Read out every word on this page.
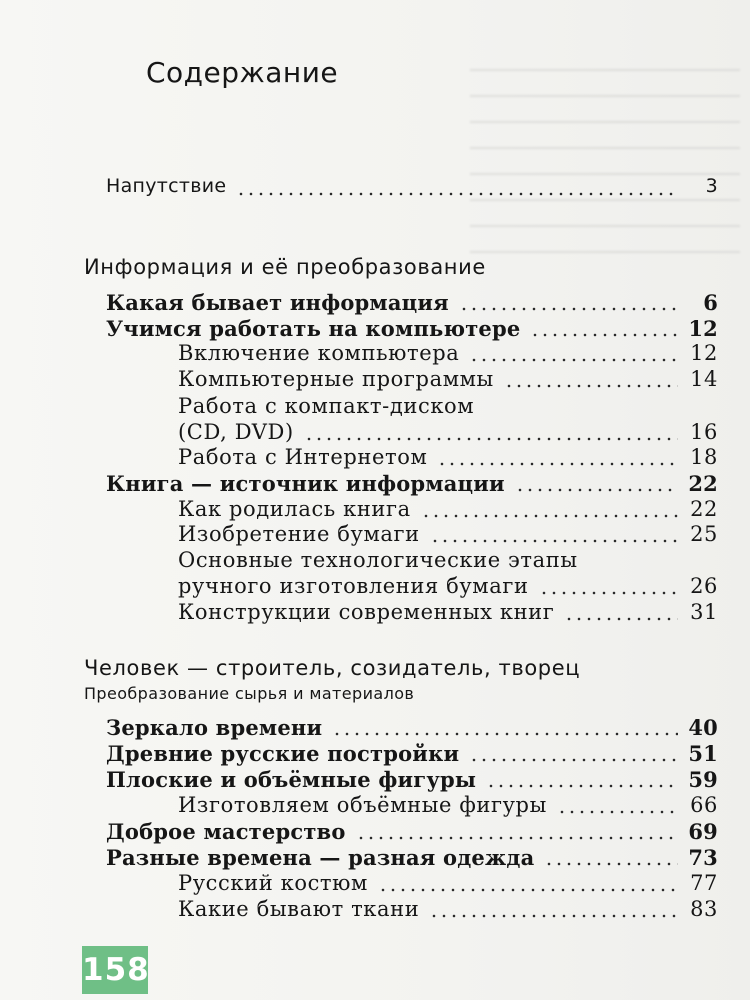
Содержание
Напутствие	3
Информация и её преобразование
Какая бывает информация	6
Учимся работать на компьютере	12
Включение компьютера	12
Компьютерные программы	14
Работа с компакт-диском
(CD, DVD)	16
Работа с Интернетом	18
Книга — источник информации	22
Как родилась книга	22
Изобретение бумаги	25
Основные технологические этапы
ручного изготовления бумаги	26
Конструкции современных книг	31
Человек — строитель, созидатель, творец
Преобразование сырья и материалов
Зеркало времени	40
Древние русские постройки	51
Плоские и объёмные фигуры	59
Изготовляем объёмные фигуры	66
Доброе мастерство	69
Разные времена — разная одежда	73
Русский костюм	77
Какие бывают ткани	83
158
